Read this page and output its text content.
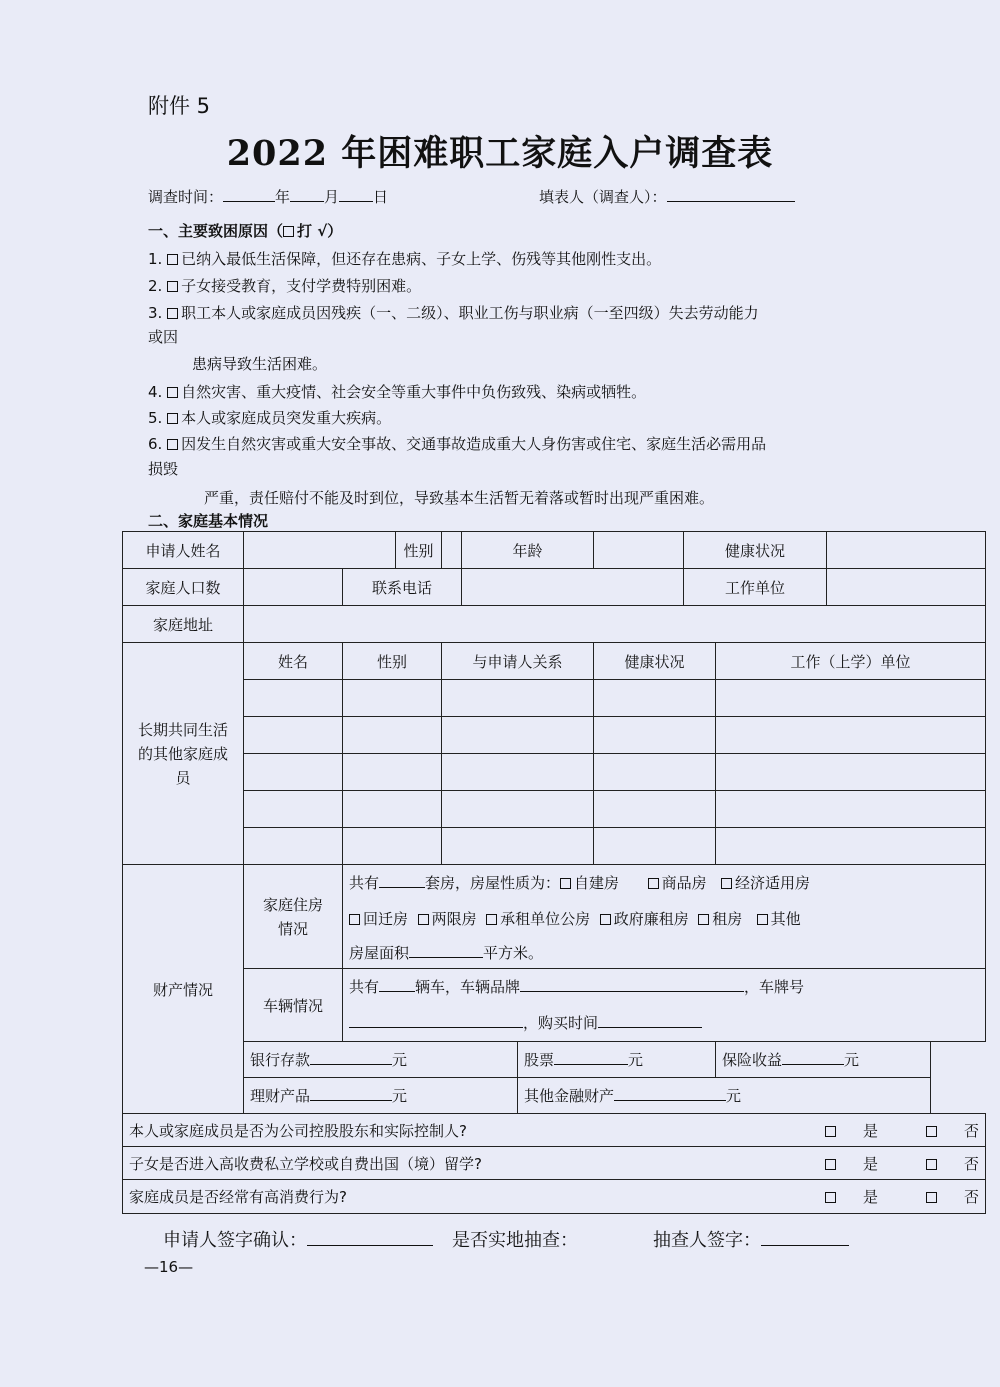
附件 5
2022 年困难职工家庭入户调查表
调查时间：	年 月 日	填表人（调查人）：
一、主要致困原因（ 打 √）
1. 已纳入最低生活保障，但还存在患病、子女上学、伤残等其他刚性支出。
2. 子女接受教育，支付学费特别困难。
3. 职工本人或家庭成员因残疾（一、二级）、职业工伤与职业病（一至四级）失去劳动能力
或因
患病导致生活困难。
4. 自然灾害、重大疫情、社会安全等重大事件中负伤致残、染病或牺牲。
5. 本人或家庭成员突发重大疾病。
6. 因发生自然灾害或重大安全事故、交通事故造成重大人身伤害或住宅、家庭生活必需用品
损毁
严重，责任赔付不能及时到位，导致基本生活暂无着落或暂时出现严重困难。
二、家庭基本情况
申请人姓名			性别		年龄			健康状况		
家庭人口数		联系电话						工作单位		
家庭地址										
长期共同生活的其他家庭成员	姓名	性别		与申请人关系			健康状况		工作（上学）单位	

财产情况	家庭住房情况	共有 套房，房屋性质为： 自建房 商品房 经济适用房								
		回迁房 两限房 承租单位公房 政府廉租房 租房 其他								
		房屋面积 平方米。								
	车辆情况	共有 辆车，车辆品牌 ，车牌号								
		，购买时间								
	银行存款 元					股票 元			保险收益 元	
	理财产品 元					其他金融财产 元				
本人或家庭成员是否为公司控股股东和实际控制人? 是 否										

子女是否进入高收费私立学校或自费出国（境）留学? 是 否										

家庭成员是否经常有高消费行为? 是 否										
申请人签字确认：	是否实地抽查：	抽查人签字：
—16—
